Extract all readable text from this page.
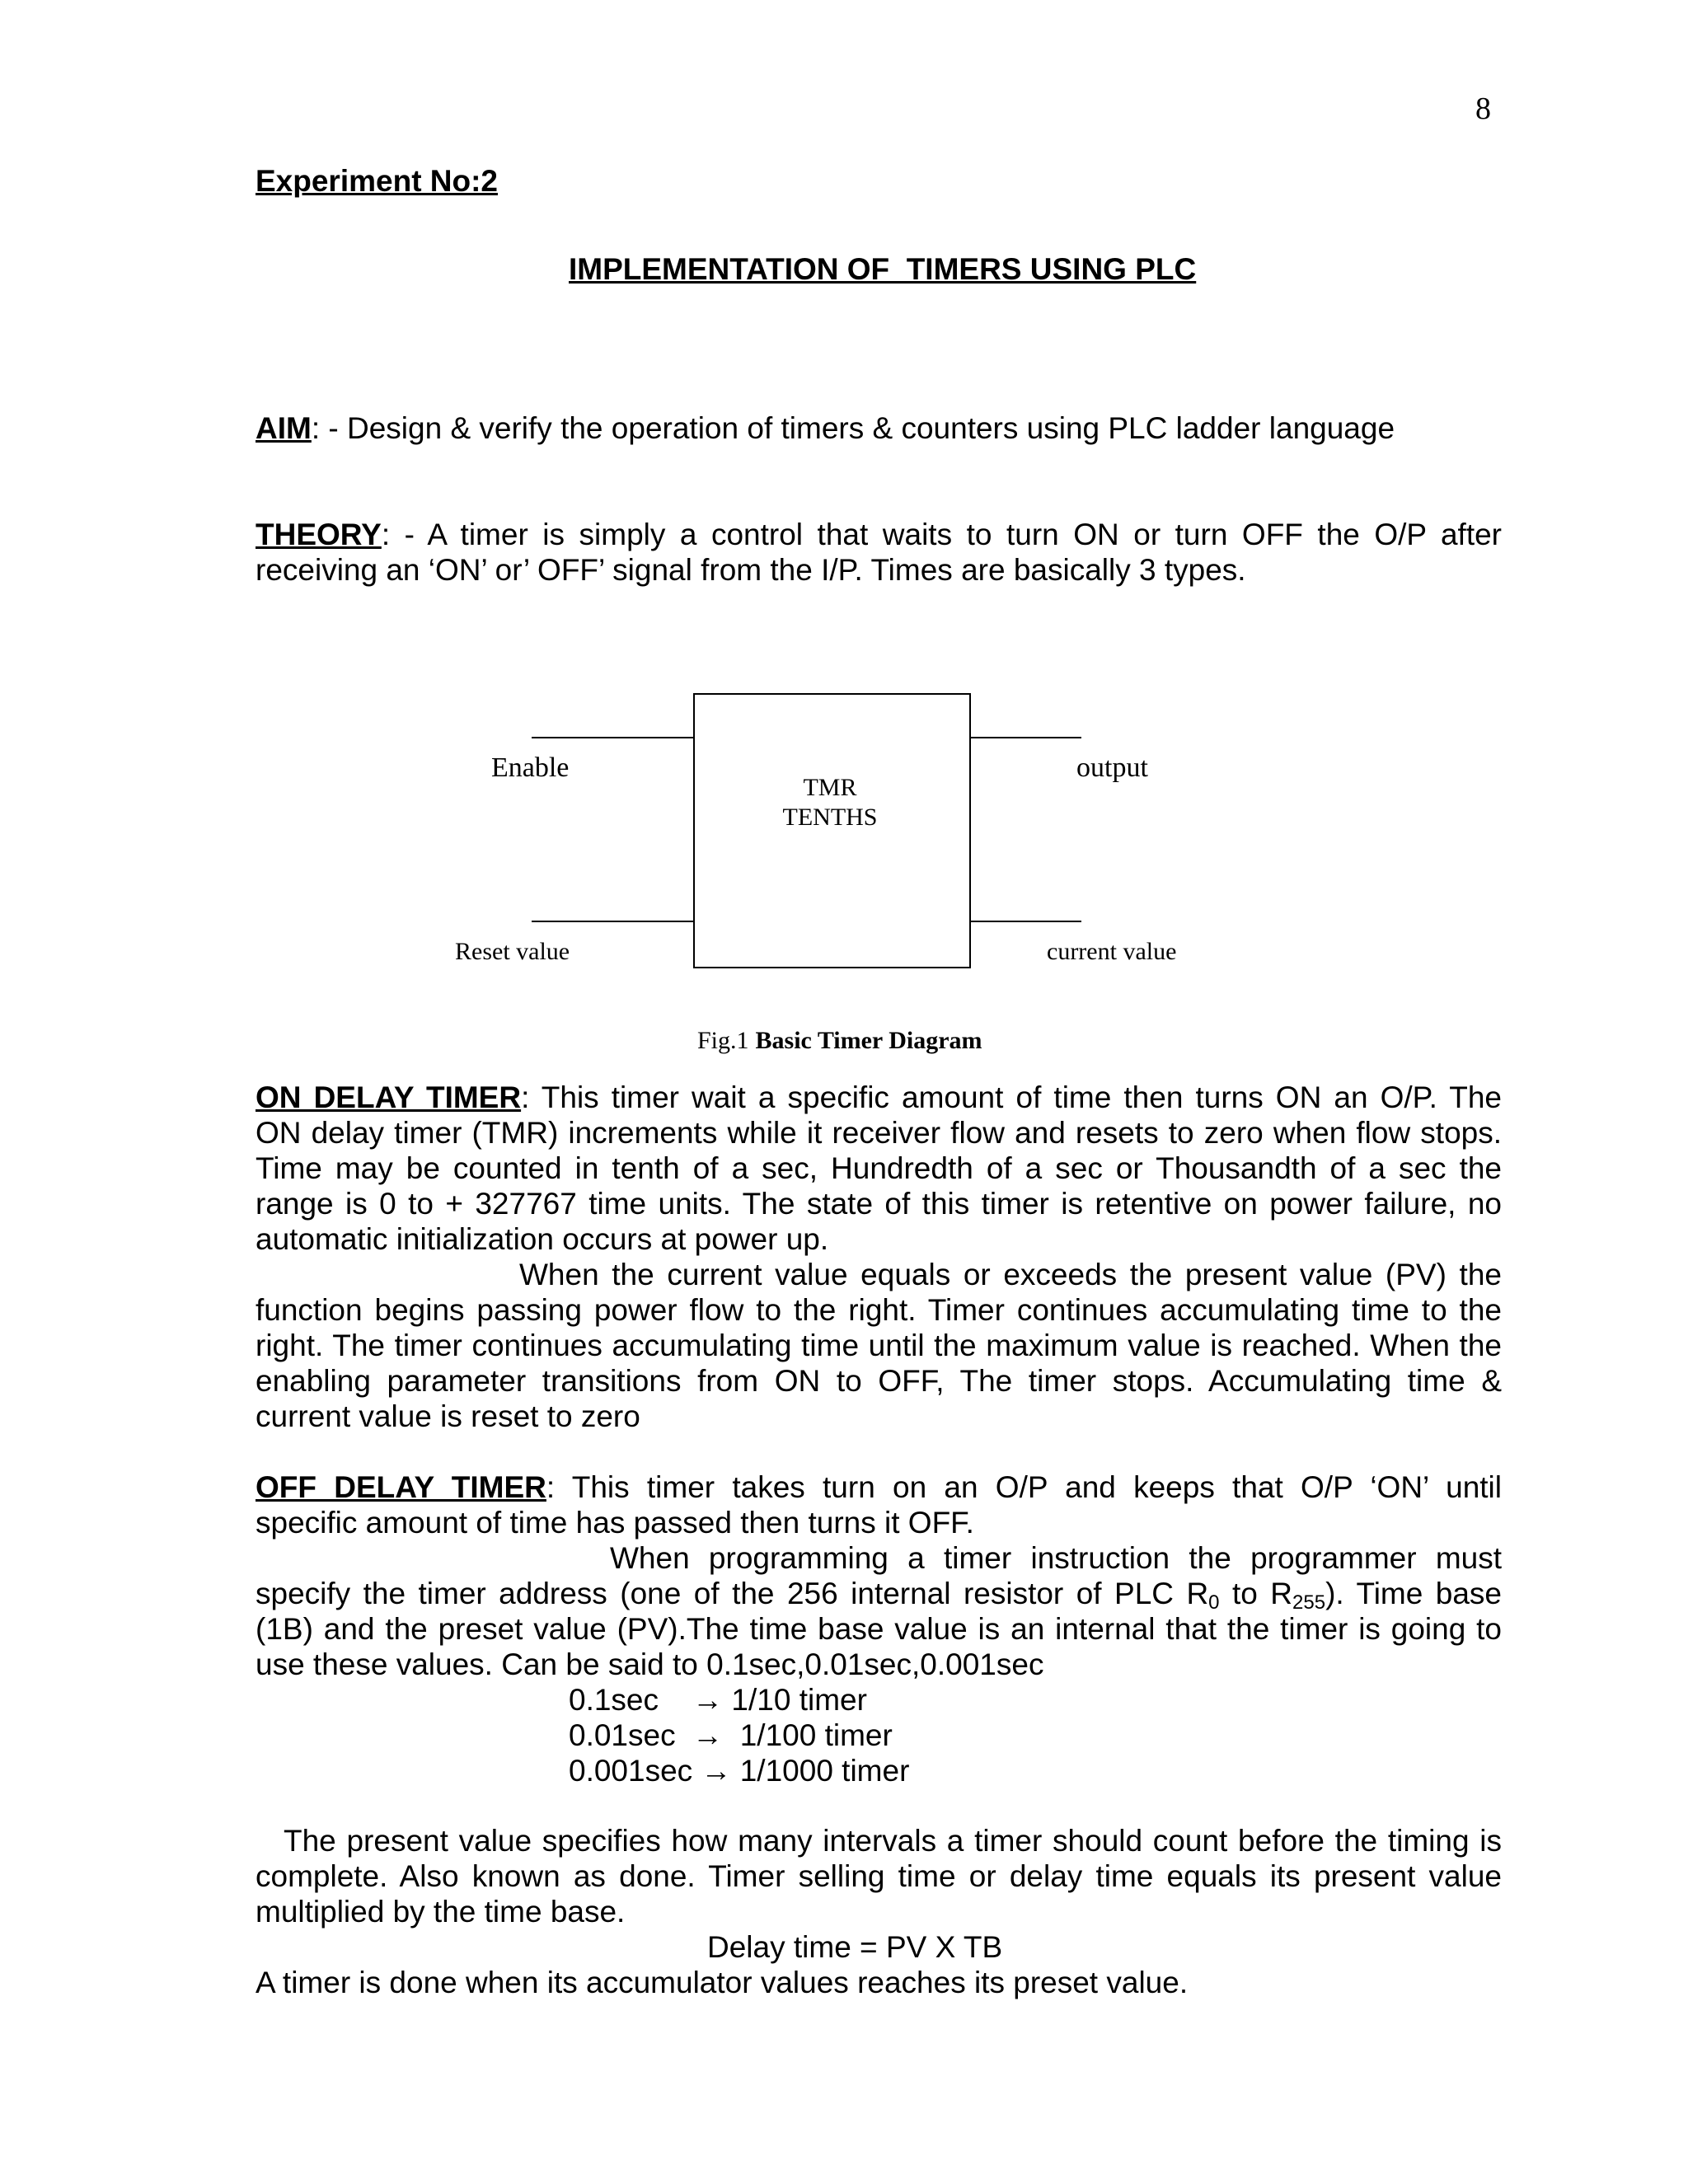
8
Experiment No:2
IMPLEMENTATION OF  TIMERS USING PLC
AIM: - Design & verify the operation of timers & counters using PLC ladder language
THEORY: - A timer is simply a control that waits to turn ON or turn OFF the O/P after
receiving an ‘ON’ or’ OFF’ signal from the I/P. Times are basically 3 types.
TMR
TENTHS
Enable	output
Reset value	current value
Fig.1 Basic Timer Diagram
ON DELAY TIMER: This timer wait a specific amount of time then turns ON an O/P. The
ON delay timer (TMR) increments while it receiver flow and resets to zero when flow stops.
Time may be counted in tenth of a sec, Hundredth of a sec or Thousandth of a sec the
range is 0 to + 327767 time units. The state of this timer is retentive on power failure, no
automatic initialization occurs at power up.
When the current value equals or exceeds the present value (PV) the
function begins passing power flow to the right. Timer continues accumulating time to the
right. The timer continues accumulating time until the maximum value is reached. When the
enabling parameter transitions from ON to OFF, The timer stops. Accumulating time &
current value is reset to zero
OFF DELAY TIMER: This timer takes turn on an O/P and keeps that O/P ‘ON’ until
specific amount of time has passed then turns it OFF.
When programming a timer instruction the programmer must
specify the timer address (one of the 256 internal resistor of PLC $R_0$ to $R_{255}$). Time base
(1B) and the preset value (PV).The time base value is an internal that the timer is going to
use these values. Can be said to 0.1sec,0.01sec,0.001sec
0.1sec    → 1/10 timer
0.01sec  →  1/100 timer
0.001sec → 1/1000 timer
The present value specifies how many intervals a timer should count before the timing is
complete. Also known as done. Timer selling time or delay time equals its present value
multiplied by the time base.
Delay time = PV X TB
A timer is done when its accumulator values reaches its preset value.
